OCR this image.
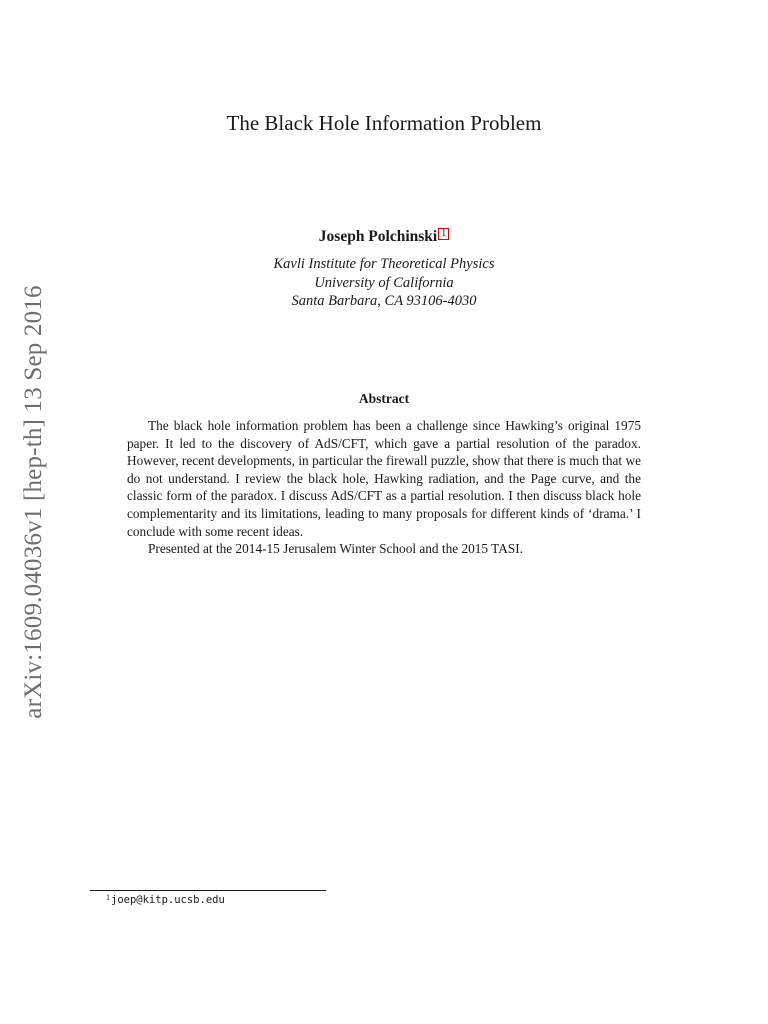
arXiv:1609.04036v1 [hep-th] 13 Sep 2016
The Black Hole Information Problem

Joseph Polchinski 1

Kavli Institute for Theoretical Physics

University of California

Santa Barbara, CA 93106-4030

Abstract

The black hole information problem has been a challenge since Hawking’s original 1975 paper. It led to the discovery of AdS/CFT, which gave a partial resolution of the paradox. However, recent developments, in particular the firewall puzzle, show that there is much that we do not understand. I review the black hole, Hawking radiation, and the Page curve, and the classic form of the paradox. I discuss AdS/CFT as a partial resolution. I then discuss black hole complementarity and its limitations, leading to many proposals for different kinds of ‘drama.’ I conclude with some recent ideas.

Presented at the 2014-15 Jerusalem Winter School and the 2015 TASI.

$^1$joep@kitp.ucsb.edu
